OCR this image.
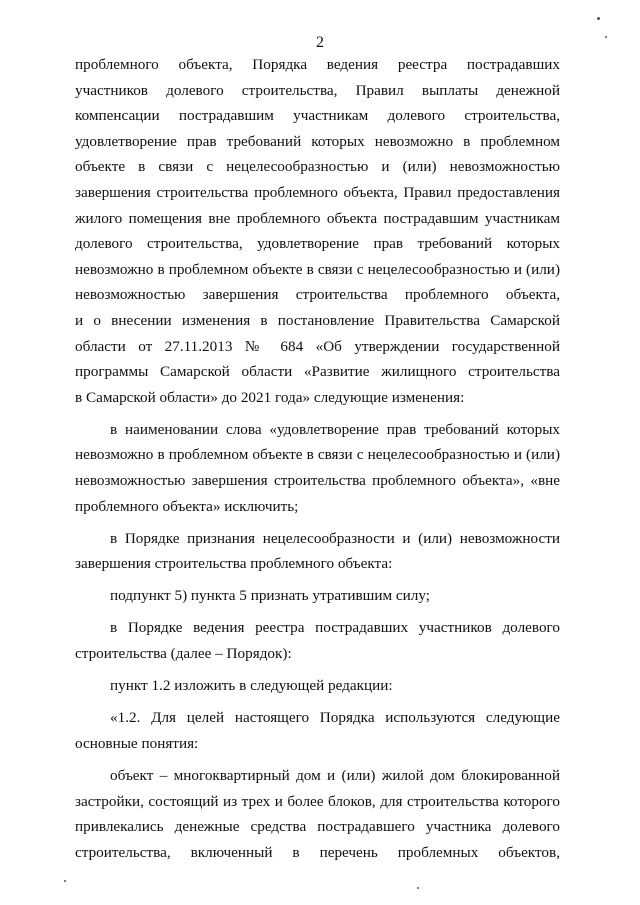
2
проблемного объекта, Порядка ведения реестра пострадавших
участников долевого строительства, Правил выплаты денежной
компенсации пострадавшим участникам долевого строительства,
удовлетворение прав требований которых невозможно в проблемном
объекте в связи с нецелесообразностью и (или) невозможностью
завершения строительства проблемного объекта, Правил предоставления
жилого помещения вне проблемного объекта пострадавшим участникам
долевого строительства, удовлетворение прав требований которых
невозможно в проблемном объекте в связи с нецелесообразностью и (или)
невозможностью завершения строительства проблемного объекта,
и о внесении изменения в постановление Правительства Самарской
области от 27.11.2013 № 684 «Об утверждении государственной
программы Самарской области «Развитие жилищного строительства
в Самарской области» до 2021 года» следующие изменения:
в наименовании слова «удовлетворение прав требований которых
невозможно в проблемном объекте в связи с нецелесообразностью и (или)
невозможностью завершения строительства проблемного объекта», «вне
проблемного объекта» исключить;
в Порядке признания нецелесообразности и (или) невозможности
завершения строительства проблемного объекта:
подпункт 5) пункта 5 признать утратившим силу;
в Порядке ведения реестра пострадавших участников долевого
строительства (далее – Порядок):
пункт 1.2 изложить в следующей редакции:
«1.2. Для целей настоящего Порядка используются следующие
основные понятия:
объект – многоквартирный дом и (или) жилой дом блокированной
застройки, состоящий из трех и более блоков, для строительства которого
привлекались денежные средства пострадавшего участника долевого
строительства, включенный в перечень проблемных объектов,
